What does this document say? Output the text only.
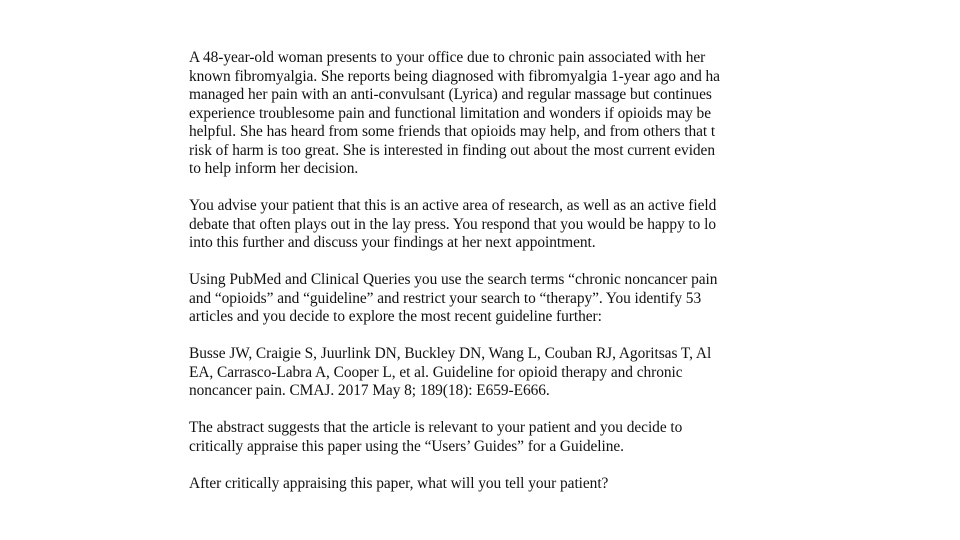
A 48-year-old woman presents to your office due to chronic pain associated with her
known fibromyalgia. She reports being diagnosed with fibromyalgia 1-year ago and ha
managed her pain with an anti-convulsant (Lyrica) and regular massage but continues
experience troublesome pain and functional limitation and wonders if opioids may be
helpful. She has heard from some friends that opioids may help, and from others that t
risk of harm is too great. She is interested in finding out about the most current eviden
to help inform her decision.

You advise your patient that this is an active area of research, as well as an active field
debate that often plays out in the lay press. You respond that you would be happy to lo
into this further and discuss your findings at her next appointment.

Using PubMed and Clinical Queries you use the search terms “chronic noncancer pain
and “opioids” and “guideline” and restrict your search to “therapy”. You identify 53
articles and you decide to explore the most recent guideline further:

Busse JW, Craigie S, Juurlink DN, Buckley DN, Wang L, Couban RJ, Agoritsas T, Al
EA, Carrasco-Labra A, Cooper L, et al. Guideline for opioid therapy and chronic
noncancer pain. CMAJ. 2017 May 8; 189(18): E659-E666.

The abstract suggests that the article is relevant to your patient and you decide to
critically appraise this paper using the “Users’ Guides” for a Guideline.

After critically appraising this paper, what will you tell your patient?
